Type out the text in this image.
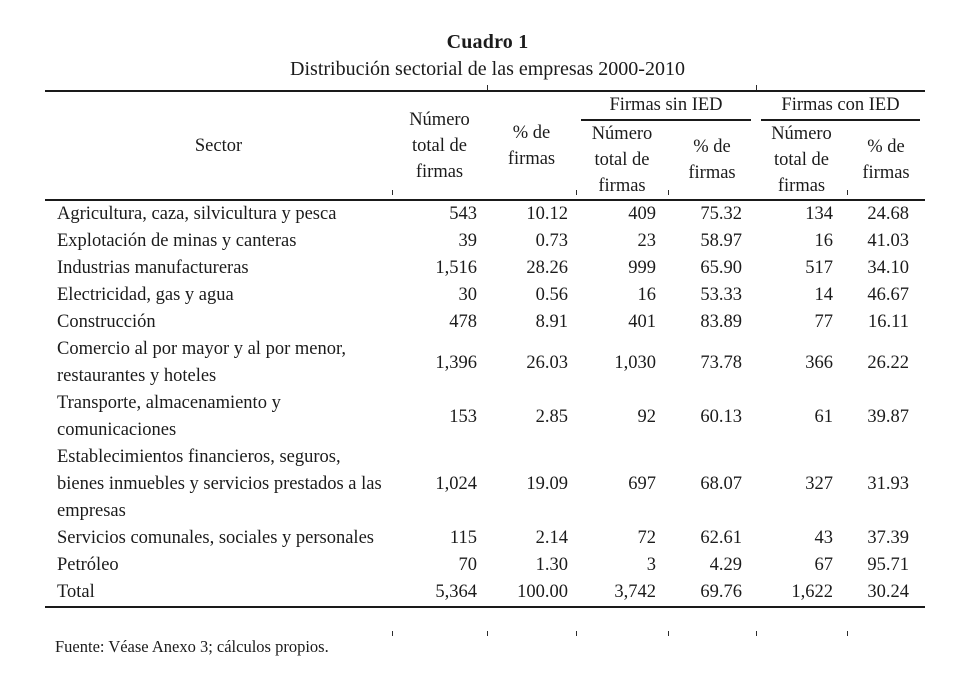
Cuadro 1
Distribución sectorial de las empresas 2000-2010
Sector	Número total de firmas	% de firmas	Firmas sin IED		Firmas con IED	

			Número total de firmas	% de firmas	Número total de firmas	% de firmas
Agricultura, caza, silvicultura y pesca	543	10.12	409	75.32	134	24.68
Explotación de minas y canteras	39	0.73	23	58.97	16	41.03
Industrias manufactureras	1,516	28.26	999	65.90	517	34.10
Electricidad, gas y agua	30	0.56	16	53.33	14	46.67
Construcción	478	8.91	401	83.89	77	16.11
Comercio al por mayor y al por menor, restaurantes y hoteles	1,396	26.03	1,030	73.78	366	26.22
Transporte, almacenamiento y comunicaciones	153	2.85	92	60.13	61	39.87
Establecimientos financieros, seguros, bienes inmuebles y servicios prestados a las empresas	1,024	19.09	697	68.07	327	31.93
Servicios comunales, sociales y personales	115	2.14	72	62.61	43	37.39
Petróleo	70	1.30	3	4.29	67	95.71
Total	5,364	100.00	3,742	69.76	1,622	30.24
Fuente: Véase Anexo 3; cálculos propios.
